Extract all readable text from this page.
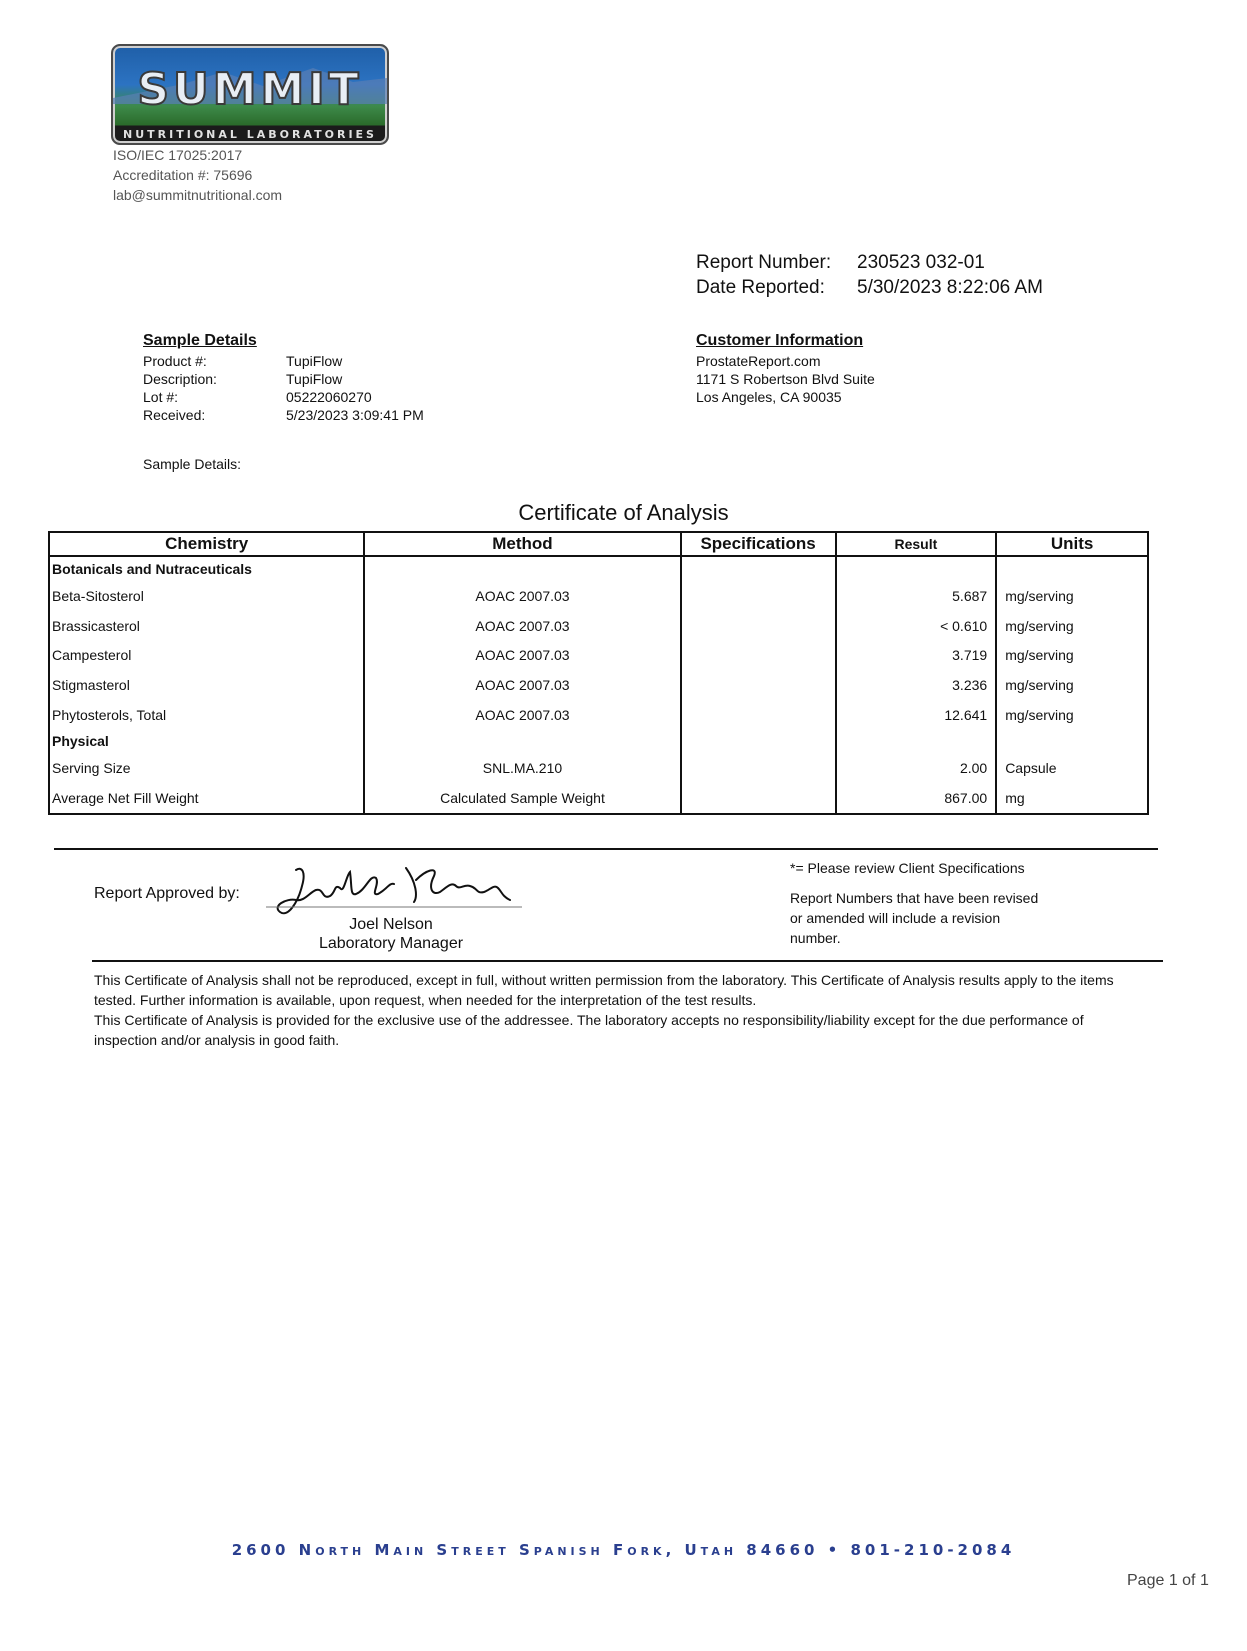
SUMMIT
NUTRITIONAL LABORATORIES
ISO/IEC 17025:2017
Accreditation #: 75696
lab@summitnutritional.com
Report Number: 230523 032-01
Date Reported: 5/30/2023 8:22:06 AM
Sample Details
Product #:	TupiFlow
Description:	TupiFlow
Lot #:	05222060270
Received:	5/23/2023 3:09:41 PM
Customer Information
ProstateReport.com
1171 S Robertson Blvd Suite
Los Angeles, CA 90035
Sample Details:
Certificate of Analysis
Chemistry	Method	Specifications	Result	Units
Botanicals and Nutraceuticals				
Beta-Sitosterol	AOAC 2007.03		5.687	mg/serving
Brassicasterol	AOAC 2007.03		< 0.610	mg/serving
Campesterol	AOAC 2007.03		3.719	mg/serving
Stigmasterol	AOAC 2007.03		3.236	mg/serving
Phytosterols, Total	AOAC 2007.03		12.641	mg/serving
Physical				
Serving Size	SNL.MA.210		2.00	Capsule
Average Net Fill Weight	Calculated Sample Weight		867.00	mg
Report Approved by:
Joel Nelson
Laboratory Manager
*= Please review Client Specifications
Report Numbers that have been revised or amended will include a revision number.
This Certificate of Analysis shall not be reproduced, except in full, without written permission from the laboratory. This Certificate of Analysis results apply to the items tested. Further information is available, upon request, when needed for the interpretation of the test results.
This Certificate of Analysis is provided for the exclusive use of the addressee. The laboratory accepts no responsibility/liability except for the due performance of inspection and/or analysis in good faith.
2600 North Main Street Spanish Fork, Utah 84660 • 801-210-2084
Page 1 of 1
